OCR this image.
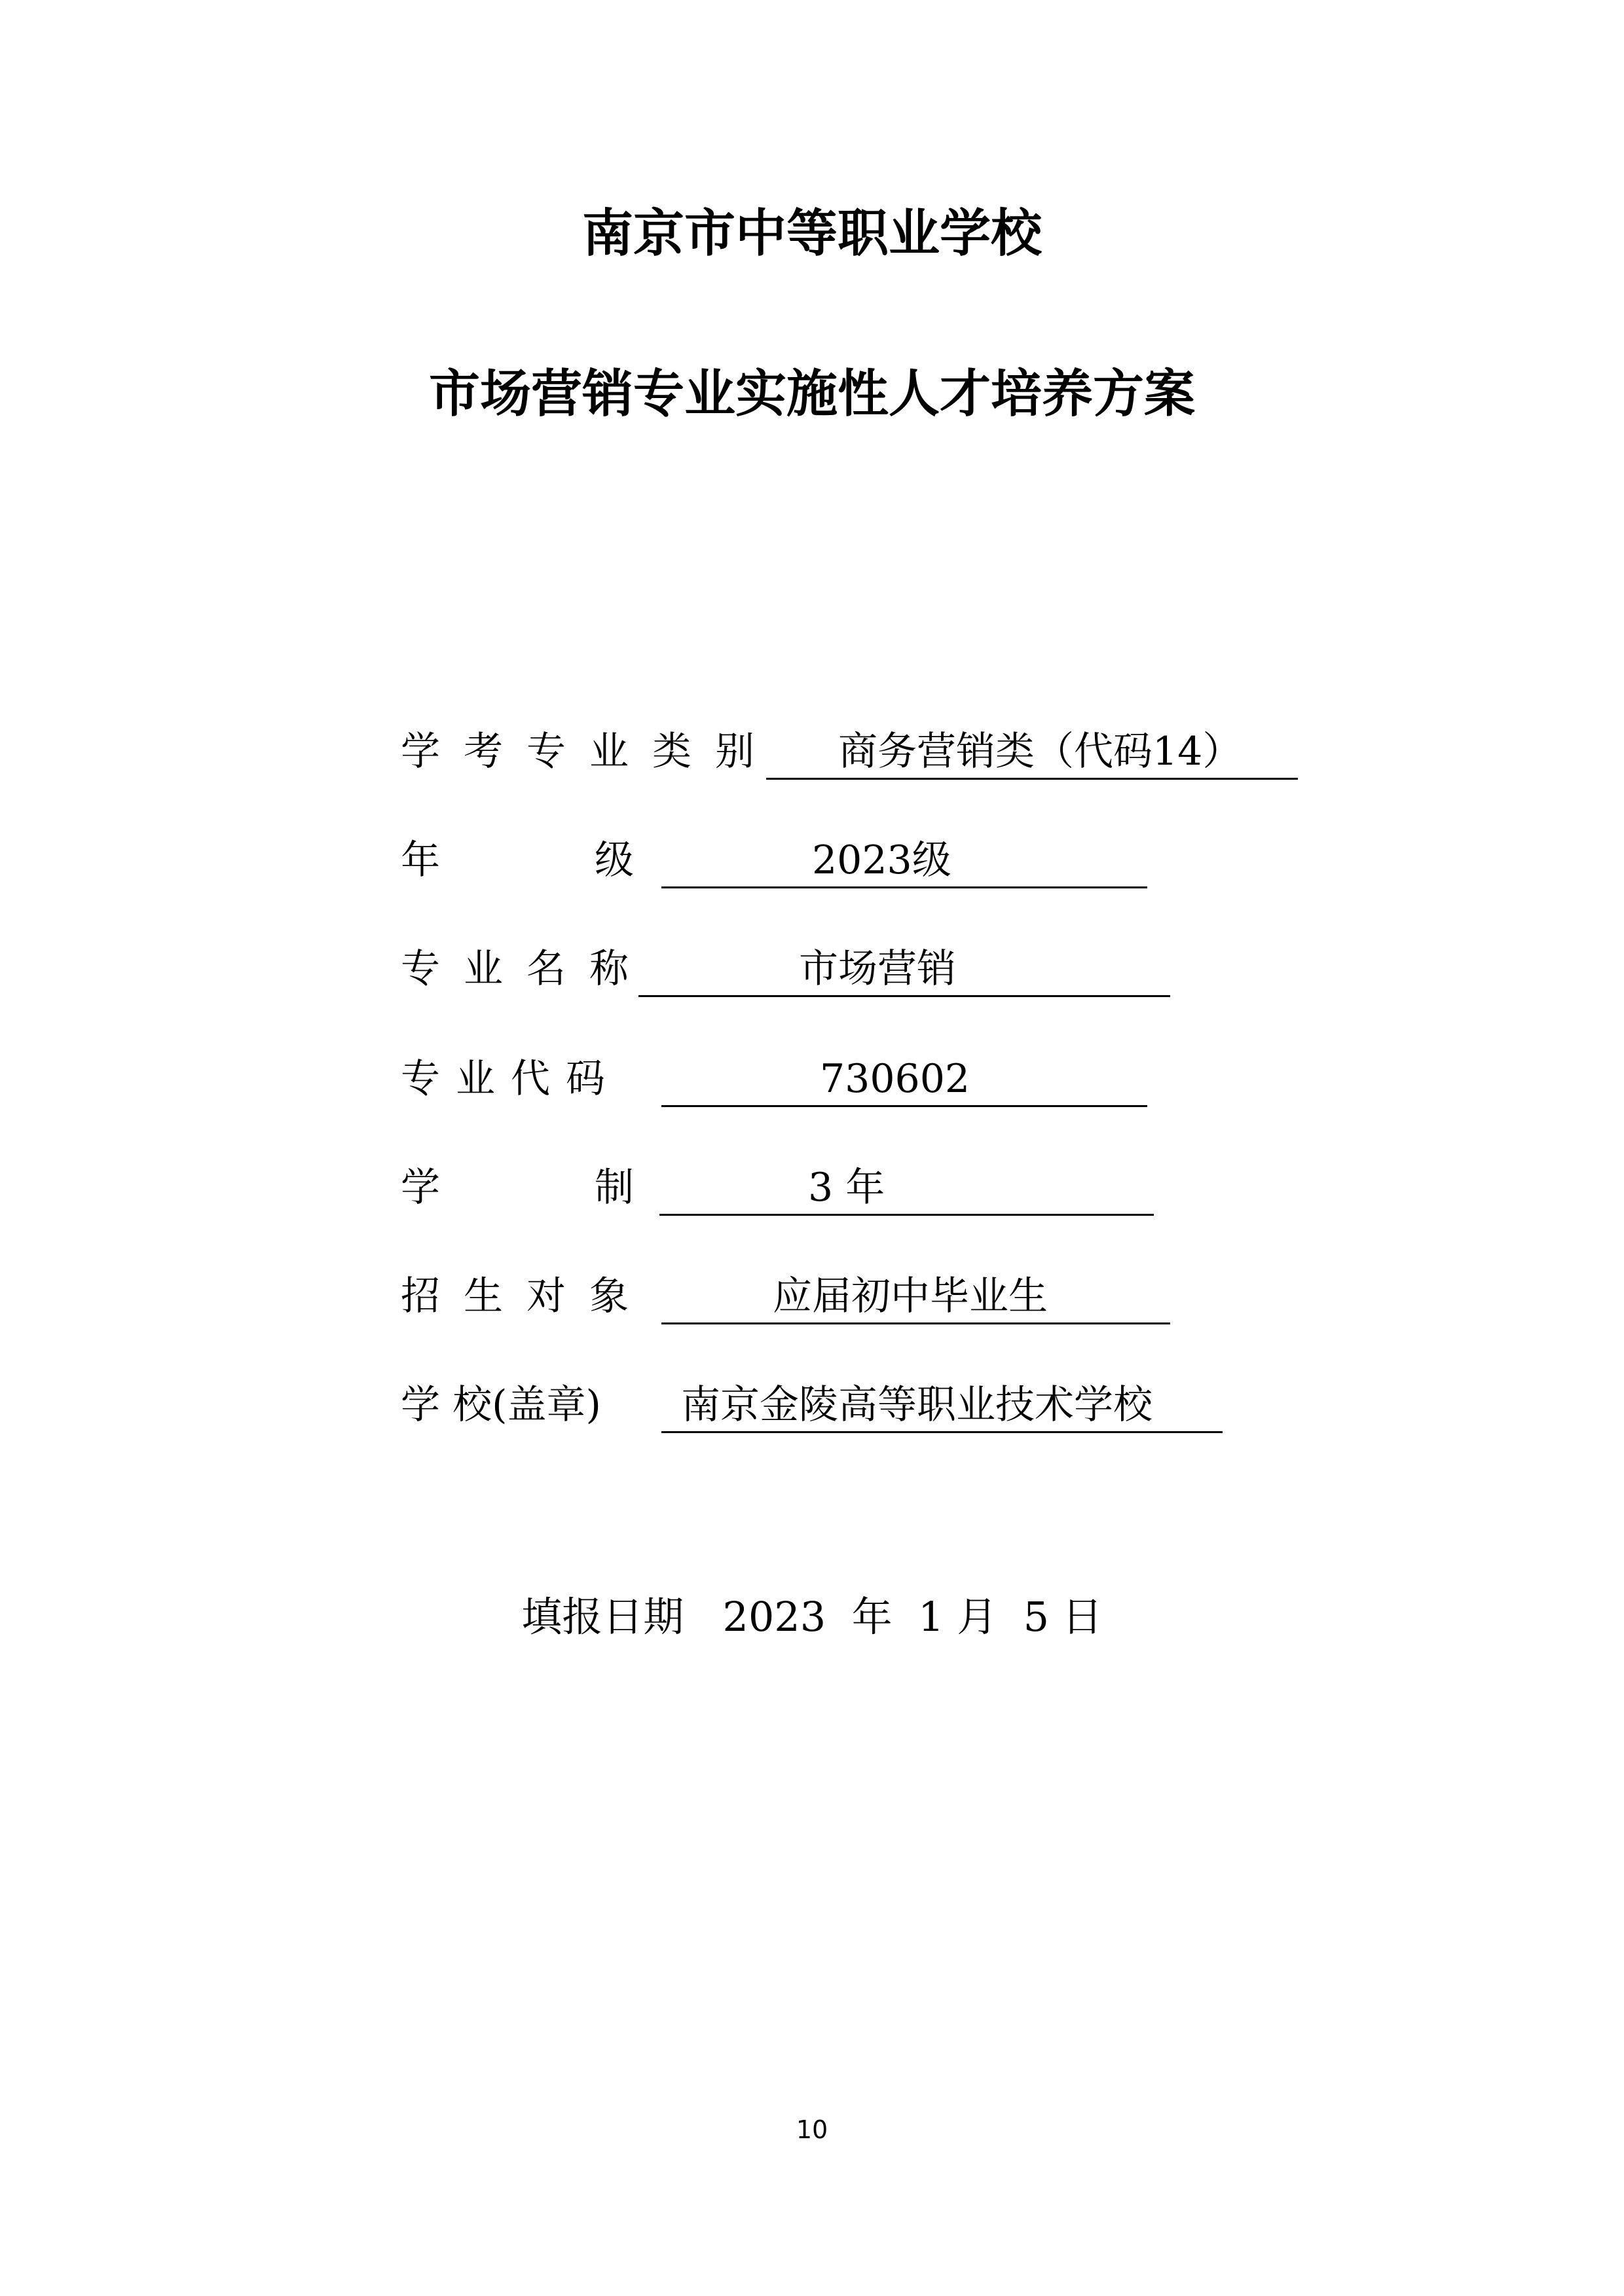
南京市中等职业学校
市场营销专业实施性人才培养方案
学考专业类别 商务营销类（代码14）
年	级	2023级
专业名称	市场营销
专业代码	730602
学	制	3 年
招生对象	应届初中毕业生
学 校(盖章) 南京金陵高等职业技术学校
填报日期 2023  年  1 月  5 日
10
